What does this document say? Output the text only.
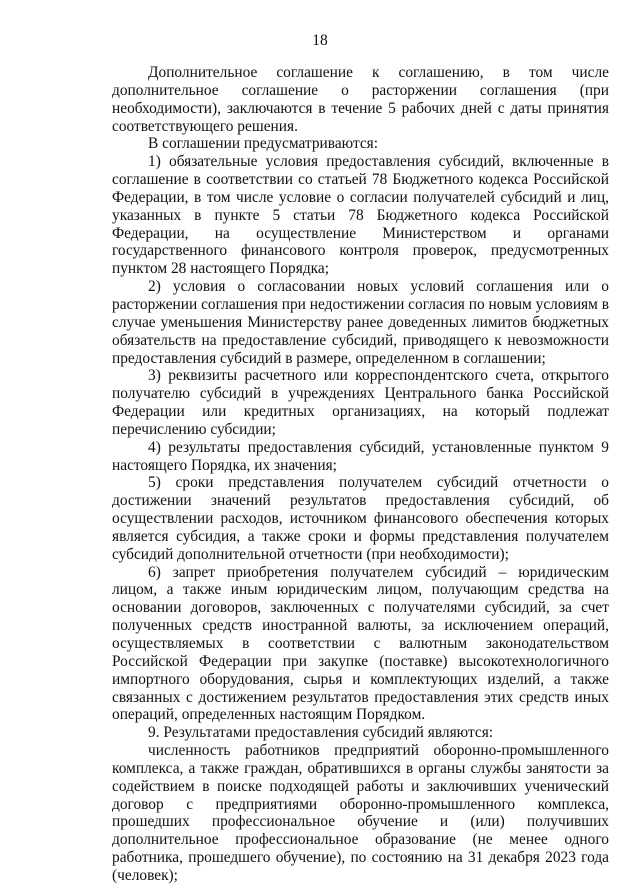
18

Дополнительное соглашение к соглашению, в том числе дополнительное соглашение о расторжении соглашения (при необходимости), заключаются в течение 5 рабочих дней с даты принятия соответствующего решения.

В соглашении предусматриваются:

1) обязательные условия предоставления субсидий, включенные в соглашение в соответствии со статьей 78 Бюджетного кодекса Российской Федерации, в том числе условие о согласии получателей субсидий и лиц, указанных в пункте 5 статьи 78 Бюджетного кодекса Российской Федерации, на осуществление Министерством и органами государственного финансового контроля проверок, предусмотренных пунктом 28 настоящего Порядка;

2) условия о согласовании новых условий соглашения или о расторжении соглашения при недостижении согласия по новым условиям в случае уменьшения Министерству ранее доведенных лимитов бюджетных обязательств на предоставление субсидий, приводящего к невозможности предоставления субсидий в размере, определенном в соглашении;

3) реквизиты расчетного или корреспондентского счета, открытого получателю субсидий в учреждениях Центрального банка Российской Федерации или кредитных организациях, на который подлежат перечислению субсидии;

4) результаты предоставления субсидий, установленные пунктом 9 настоящего Порядка, их значения;

5) сроки представления получателем субсидий отчетности о достижении значений результатов предоставления субсидий, об осуществлении расходов, источником финансового обеспечения которых является субсидия, а также сроки и формы представления получателем субсидий дополнительной отчетности (при необходимости);

6) запрет приобретения получателем субсидий – юридическим лицом, а также иным юридическим лицом, получающим средства на основании договоров, заключенных с получателями субсидий, за счет полученных средств иностранной валюты, за исключением операций, осуществляемых в соответствии с валютным законодательством Российской Федерации при закупке (поставке) высокотехнологичного импортного оборудования, сырья и комплектующих изделий, а также связанных с достижением результатов предоставления этих средств иных операций, определенных настоящим Порядком.

9. Результатами предоставления субсидий являются:

численность работников предприятий оборонно-промышленного комплекса, а также граждан, обратившихся в органы службы занятости за содействием в поиске подходящей работы и заключивших ученический договор с предприятиями оборонно-промышленного комплекса, прошедших профессиональное обучение и (или) получивших дополнительное профессиональное образование (не менее одного работника, прошедшего обучение), по состоянию на 31 декабря 2023 года (человек);
